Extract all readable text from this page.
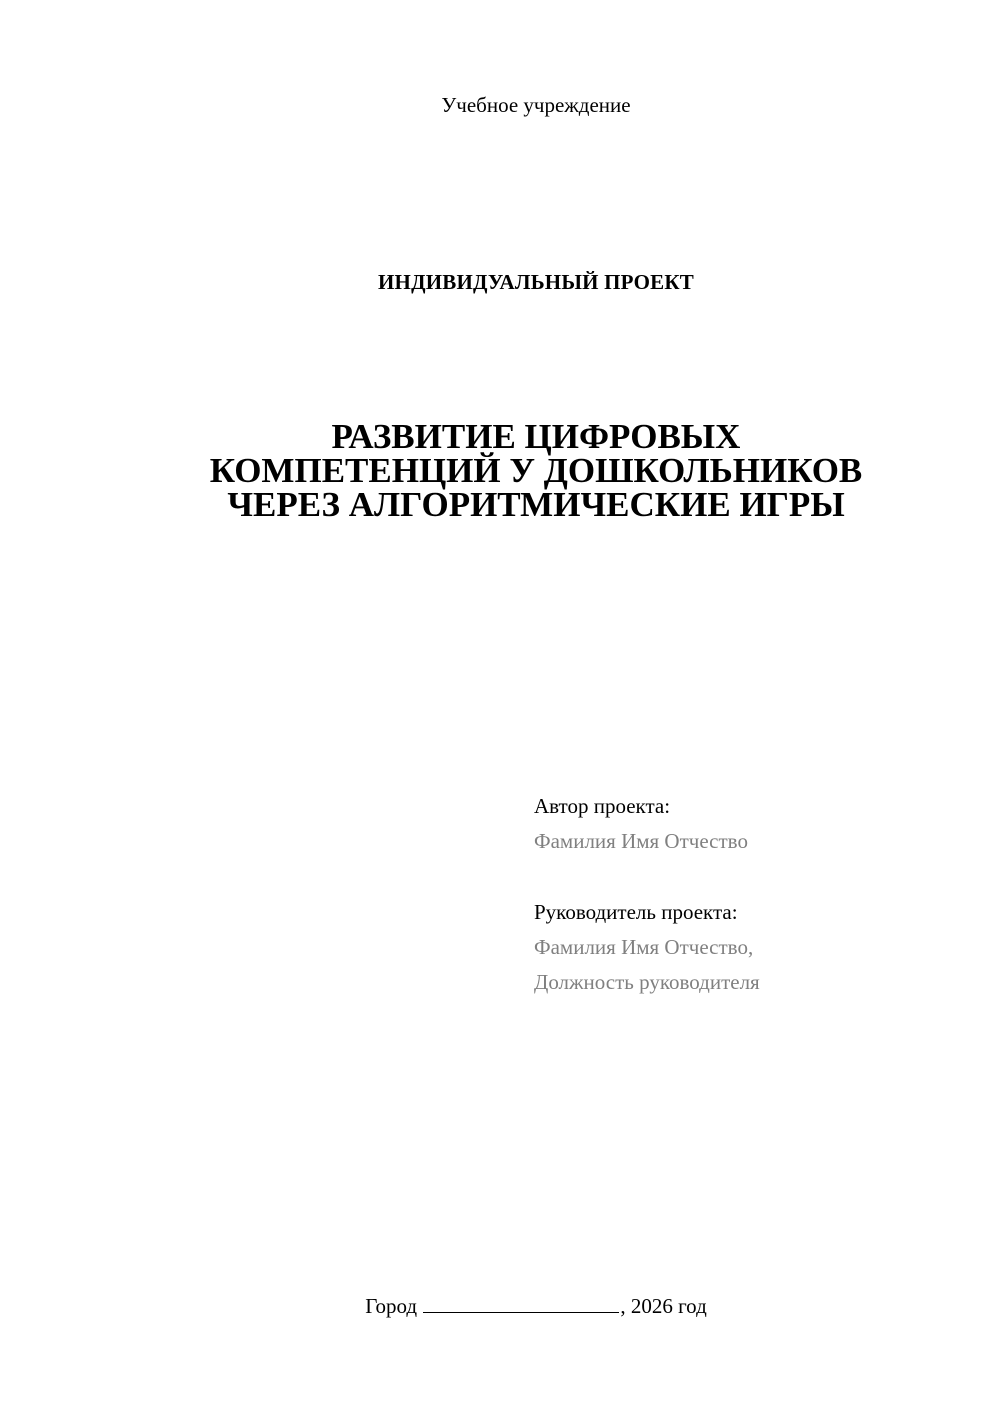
Учебное учреждение
ИНДИВИДУАЛЬНЫЙ ПРОЕКТ
РАЗВИТИЕ ЦИФРОВЫХ
КОМПЕТЕНЦИЙ У ДОШКОЛЬНИКОВ
ЧЕРЕЗ АЛГОРИТМИЧЕСКИЕ ИГРЫ
Автор проекта:
Фамилия Имя Отчество
Руководитель проекта:
Фамилия Имя Отчество,
Должность руководителя
Город	, 2026 год
